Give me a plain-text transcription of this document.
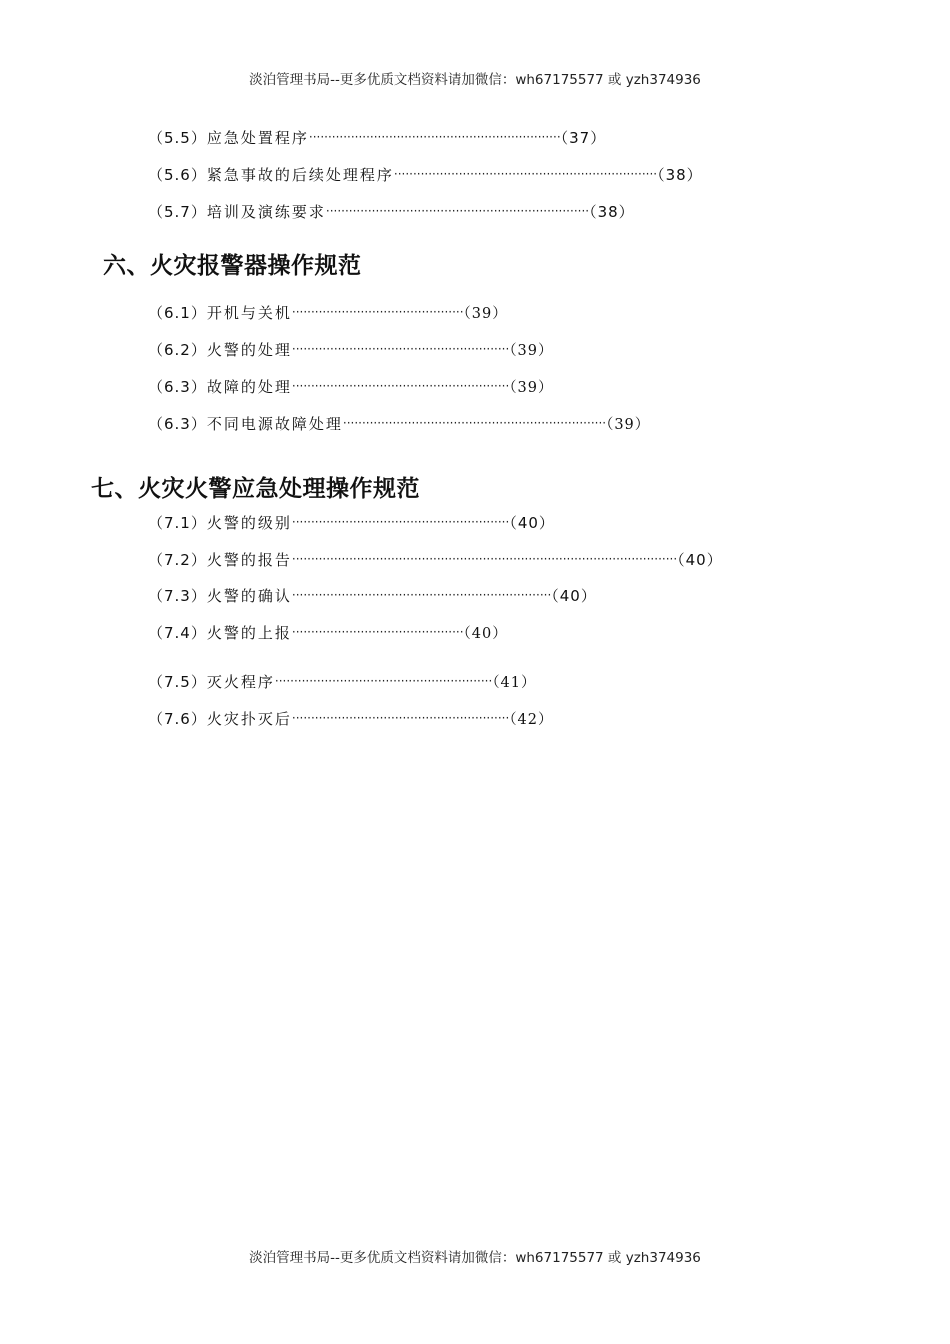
淡泊管理书局--更多优质文档资料请加微信：wh67175577 或 yzh374936
（5.5）应急处置程序··································································（37）
（5.6）紧急事故的后续处理程序·····································································（38）
（5.7）培训及演练要求·····································································（38）
六、火灾报警器操作规范
（6.1）开机与关机·············································（39）
（6.2）火警的处理·························································（39）
（6.3）故障的处理·························································（39）
（6.3）不同电源故障处理·····································································（39）
七、火灾火警应急处理操作规范
（7.1）火警的级别·························································（40）
（7.2）火警的报告·····································································································（40）
（7.3）火警的确认····································································（40）
（7.4）火警的上报·············································（40）
（7.5）灭火程序·························································（41）
（7.6）火灾扑灭后·························································（42）
淡泊管理书局--更多优质文档资料请加微信：wh67175577 或 yzh374936
